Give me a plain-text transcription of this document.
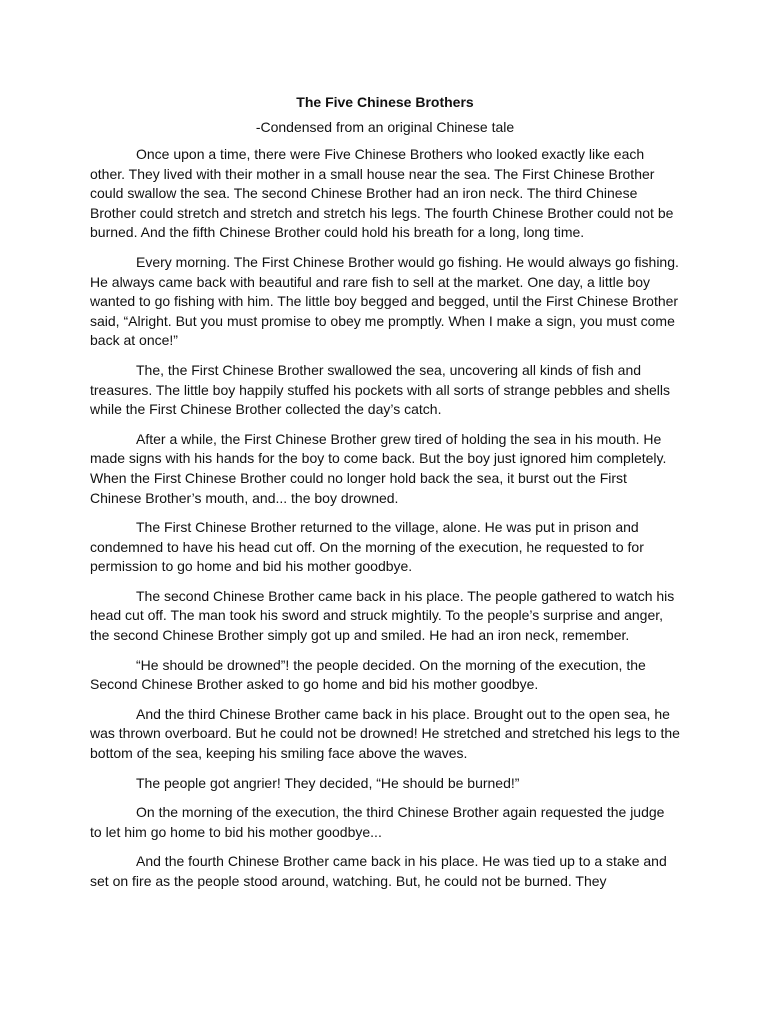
The Five Chinese Brothers
-Condensed from an original Chinese tale

Once upon a time, there were Five Chinese Brothers who looked exactly like each other. They lived with their mother in a small house near the sea. The First Chinese Brother could swallow the sea. The second Chinese Brother had an iron neck. The third Chinese Brother could stretch and stretch and stretch his legs. The fourth Chinese Brother could not be burned. And the fifth Chinese Brother could hold his breath for a long, long time.

Every morning. The First Chinese Brother would go fishing. He would always go fishing. He always came back with beautiful and rare fish to sell at the market. One day, a little boy wanted to go fishing with him. The little boy begged and begged, until the First Chinese Brother said, “Alright. But you must promise to obey me promptly. When I make a sign, you must come back at once!”

The, the First Chinese Brother swallowed the sea, uncovering all kinds of fish and treasures. The little boy happily stuffed his pockets with all sorts of strange pebbles and shells while the First Chinese Brother collected the day’s catch.

After a while, the First Chinese Brother grew tired of holding the sea in his mouth. He made signs with his hands for the boy to come back. But the boy just ignored him completely. When the First Chinese Brother could no longer hold back the sea, it burst out the First Chinese Brother’s mouth, and... the boy drowned.

The First Chinese Brother returned to the village, alone. He was put in prison and condemned to have his head cut off. On the morning of the execution, he requested to for permission to go home and bid his mother goodbye.

The second Chinese Brother came back in his place. The people gathered to watch his head cut off. The man took his sword and struck mightily. To the people’s surprise and anger, the second Chinese Brother simply got up and smiled. He had an iron neck, remember.

“He should be drowned”! the people decided. On the morning of the execution, the Second Chinese Brother asked to go home and bid his mother goodbye.

And the third Chinese Brother came back in his place. Brought out to the open sea, he was thrown overboard. But he could not be drowned! He stretched and stretched his legs to the bottom of the sea, keeping his smiling face above the waves.

The people got angrier! They decided, “He should be burned!”

On the morning of the execution, the third Chinese Brother again requested the judge to let him go home to bid his mother goodbye...

And the fourth Chinese Brother came back in his place. He was tied up to a stake and set on fire as the people stood around, watching. But, he could not be burned. They
